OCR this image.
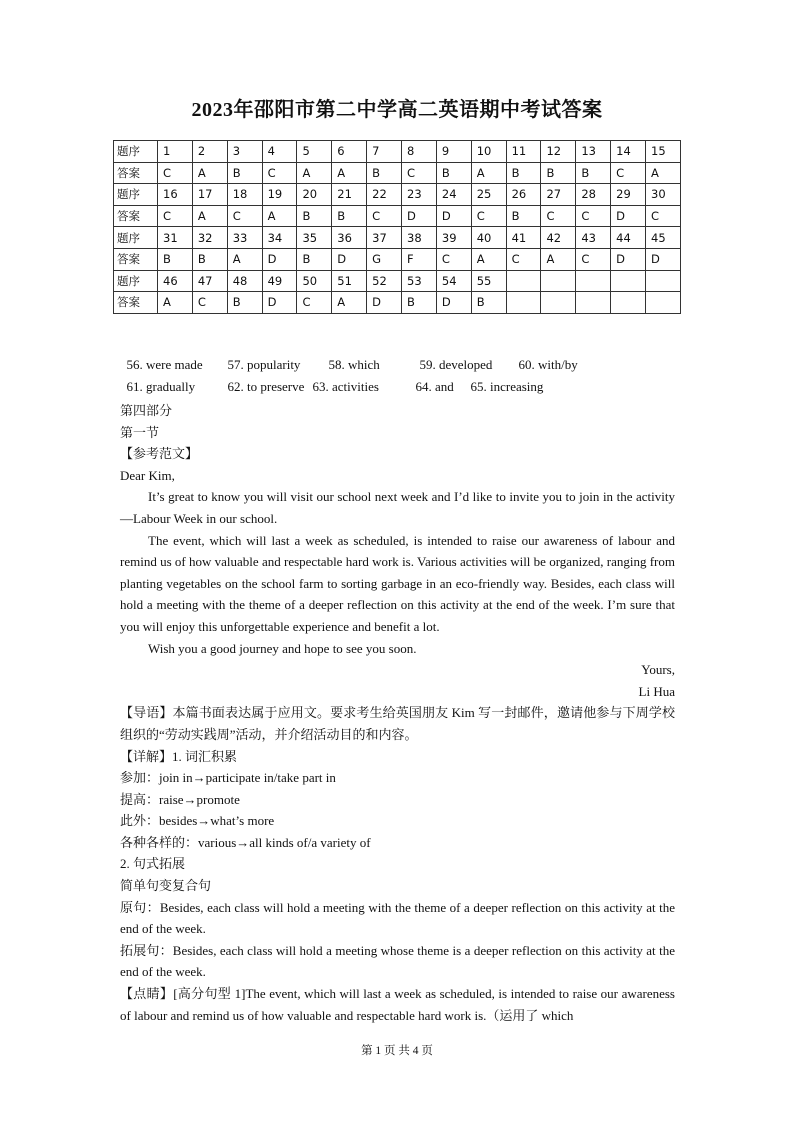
2023年邵阳市第二中学高二英语期中考试答案
题序	1	2	3	4	5	6	7	8	9	10	11	12	13	14	15
答案	C	A	B	C	A	A	B	C	B	A	B	B	B	C	A
题序	16	17	18	19	20	21	22	23	24	25	26	27	28	29	30
答案	C	A	C	A	B	B	C	D	D	C	B	C	C	D	C
题序	31	32	33	34	35	36	37	38	39	40	41	42	43	44	45
答案	B	B	A	D	B	D	G	F	C	A	C	A	C	D	D
题序	46	47	48	49	50	51	52	53	54	55					
答案	A	C	B	D	C	A	D	B	D	B					

56. were made 57. popularity 58. which	59. developed 60. with/by

61. gradually 62. to preserve 63. activities	64. and 65. increasing

第四部分

第一节

【参考范文】

Dear Kim,

It’s great to know you will visit our school next week and I’d like to invite you to join in the activity—Labour Week in our school.

The event, which will last a week as scheduled, is intended to raise our awareness of labour and remind us of how valuable and respectable hard work is. Various activities will be organized, ranging from planting vegetables on the school farm to sorting garbage in an eco-friendly way. Besides, each class will hold a meeting with the theme of a deeper reflection on this activity at the end of the week. I’m sure that you will enjoy this unforgettable experience and benefit a lot.

Wish you a good journey and hope to see you soon.

Yours,

Li Hua

【导语】本篇书面表达属于应用文。要求考生给英国朋友 Kim 写一封邮件，邀请他参与下周学校组织的“劳动实践周”活动，并介绍活动目的和内容。

【详解】1. 词汇积累

参加：join in→participate in/take part in

提高：raise→promote

此外：besides→what’s more

各种各样的：various→all kinds of/a variety of

2. 句式拓展

简单句变复合句

原句：Besides, each class will hold a meeting with the theme of a deeper reflection on this activity at the end of the week.

拓展句：Besides, each class will hold a meeting whose theme is a deeper reflection on this activity at the end of the week.

【点睛】[高分句型 1]The event, which will last a week as scheduled, is intended to raise our awareness of labour and remind us of how valuable and respectable hard work is.（运用了 which

第 1 页 共 4 页
